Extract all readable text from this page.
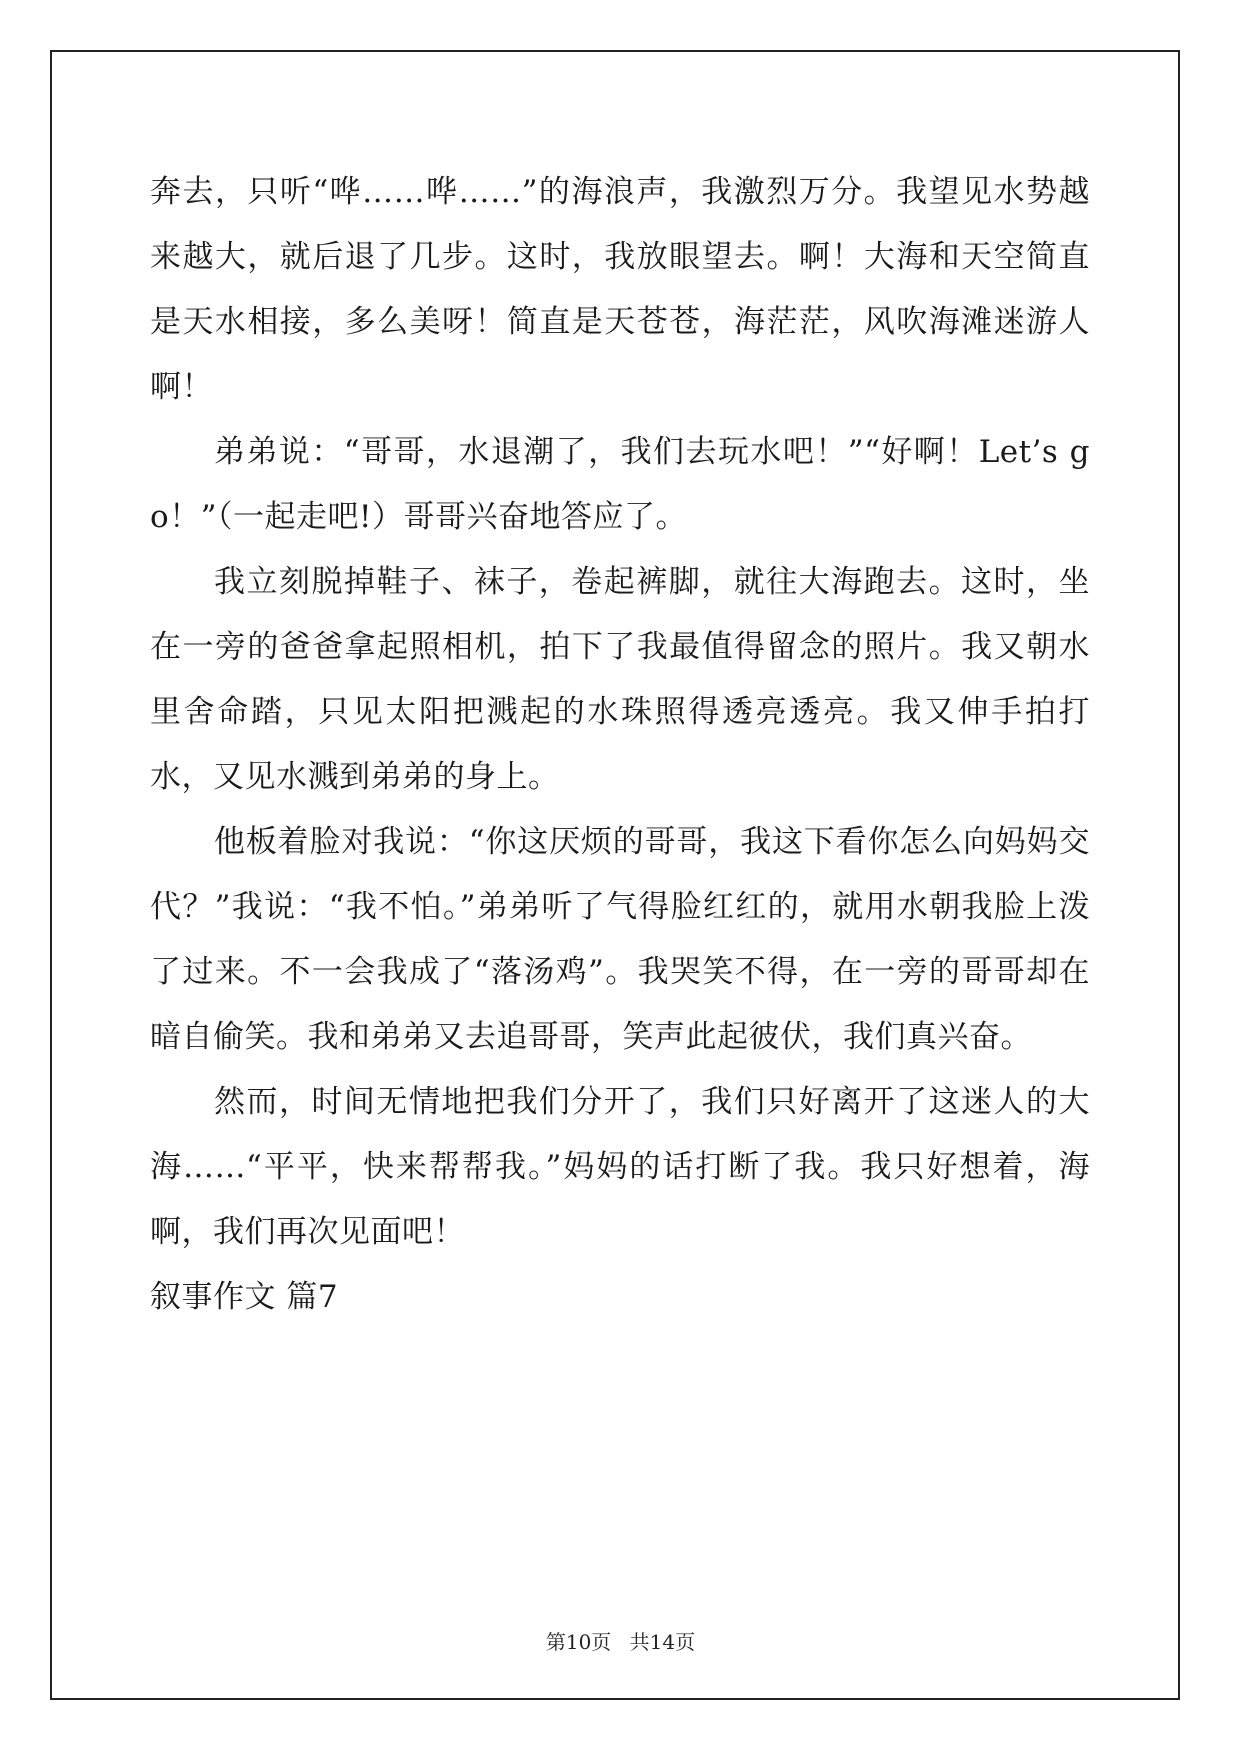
奔去，只听“哗……哗……”的海浪声，我激烈万分。我望见水势越来越大，就后退了几步。这时，我放眼望去。啊！大海和天空简直是天水相接，多么美呀！简直是天苍苍，海茫茫，风吹海滩迷游人啊！

弟弟说：“哥哥，水退潮了，我们去玩水吧！”“好啊！Let’s go！”（一起走吧!）哥哥兴奋地答应了。

我立刻脱掉鞋子、袜子，卷起裤脚，就往大海跑去。这时，坐在一旁的爸爸拿起照相机，拍下了我最值得留念的照片。我又朝水里舍命踏，只见太阳把溅起的水珠照得透亮透亮。我又伸手拍打水，又见水溅到弟弟的身上。

他板着脸对我说：“你这厌烦的哥哥，我这下看你怎么向妈妈交代？”我说：“我不怕。”弟弟听了气得脸红红的，就用水朝我脸上泼了过来。不一会我成了“落汤鸡”。我哭笑不得，在一旁的哥哥却在暗自偷笑。我和弟弟又去追哥哥，笑声此起彼伏，我们真兴奋。

然而，时间无情地把我们分开了，我们只好离开了这迷人的大海……“平平，快来帮帮我。”妈妈的话打断了我。我只好想着，海啊，我们再次见面吧！

叙事作文 篇7

第10页 共14页
